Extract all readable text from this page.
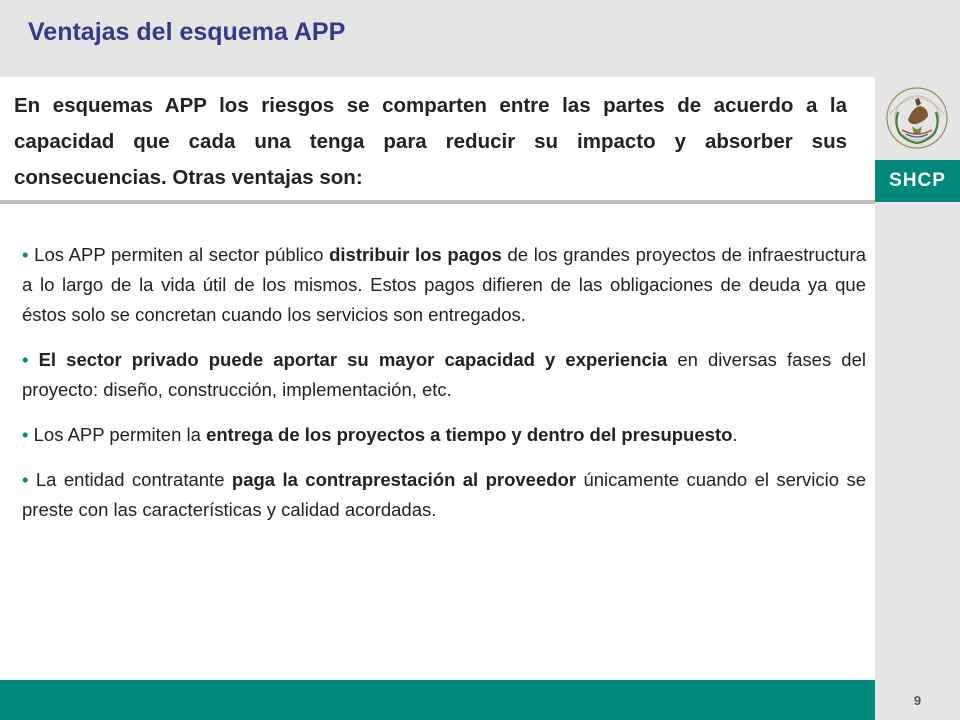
Ventajas del esquema APP
SHCP
En esquemas APP los riesgos se comparten entre las partes de acuerdo a la capacidad que cada una tenga para reducir su impacto y absorber sus consecuencias. Otras ventajas son:

• Los APP permiten al sector público distribuir los pagos de los grandes proyectos de infraestructura a lo largo de la vida útil de los mismos. Estos pagos difieren de las obligaciones de deuda ya que éstos solo se concretan cuando los servicios son entregados.

• El sector privado puede aportar su mayor capacidad y experiencia en diversas fases del proyecto: diseño, construcción, implementación, etc.

• Los APP permiten la entrega de los proyectos a tiempo y dentro del presupuesto.

• La entidad contratante paga la contraprestación al proveedor únicamente cuando el servicio se preste con las características y calidad acordadas.

9
